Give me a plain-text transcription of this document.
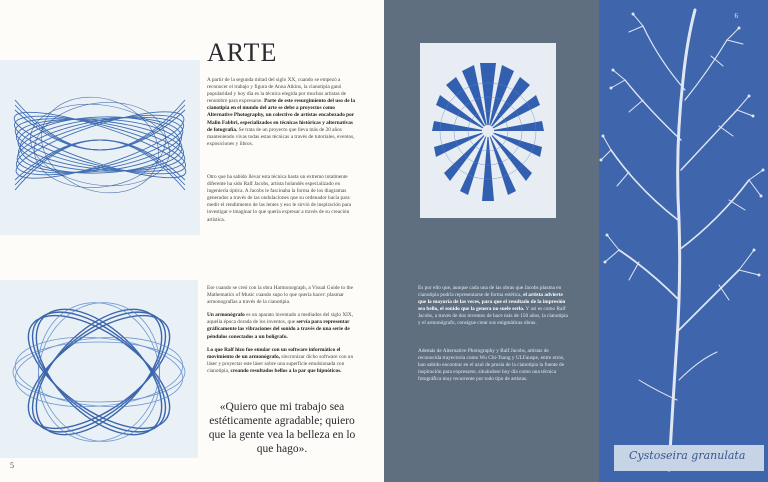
ARTE

A partir de la segunda mitad del siglo XX, cuando se empezó a reconocer el trabajo y figura de Anna Atkins, la cianotipia ganó popularidad y hoy día es la técnica elegida por muchos artistas de renombre para expresarse. Parte de este resurgimiento del uso de la cianotipia en el mundo del arte se debe a proyectos como Alternative Photography, un colectivo de artistas encabezado por Malin Fabbri, especializados en técnicas históricas y alternativas de fotografía. Se trata de un proyecto que lleva más de 20 años manteniendo vivas todas estas técnicas a través de tutoriales, eventos, exposiciones y libros.

Otro que ha sabido llevar esta técnica hasta un extremo totalmente diferente ha sido Ralf Jacobs, artista holandés especializado en ingeniería óptica. A Jacobs le fascinaba la forma de los diagramas generados a través de las ondulaciones que su ordenador hacía para medir el rendimiento de las lentes y eso le sirvió de inspiración para investigar e imaginar lo que quería expresar a través de su creación artística.

Ese cuando se creó con la obra Harmonograph, a Visual Guide to the Mathematics of Music cuando supo lo que quería hacer: plasmar armonografías a través de la cianotipia.

Un armonógrafo es un aparato inventado a mediados del siglo XIX, aquella época dorada de los inventos, que servía para representar gráficamente las vibraciones del sonido a través de una serie de péndulos conectados a un bolígrafo.

Lo que Ralf hizo fue emular con un software informático el movimiento de un armonógrafo, sincronizar dicho software con un láser y proyectar este láser sobre una superficie emulsionada con cianotipia, creando resultados bellos a la par que hipnóticos.

«Quiero que mi trabajo sea estéticamente agradable; quiero que la gente vea la belleza en lo que hago».

5

Es por ello que, aunque cada una de las obras que Jacobs plasma en cianotipia podría representarse de forma estética, el artista advierte que la mayoría de las veces, para que el resultado de la impresión sea bello, el sonido que la genera no suele serlo. Y así es como Ralf Jacobs, a través de dos inventos de hace más de 150 años, la cianotipia y el armonógrafo, consigue crear sus enigmáticas obras.

Además de Alternative Photography y Ralf Jacobs, artistas de reconocida trayectoria como Wu Chi-Tsung y ULFauspe, entre otros, han sabido encontrar en el azul de prusia de la cianotipia la fuente de inspiración para expresarse, situándose hoy día como una técnica fotográfica muy recurrente por todo tipo de artistas.

6
Cystoseira granulata
